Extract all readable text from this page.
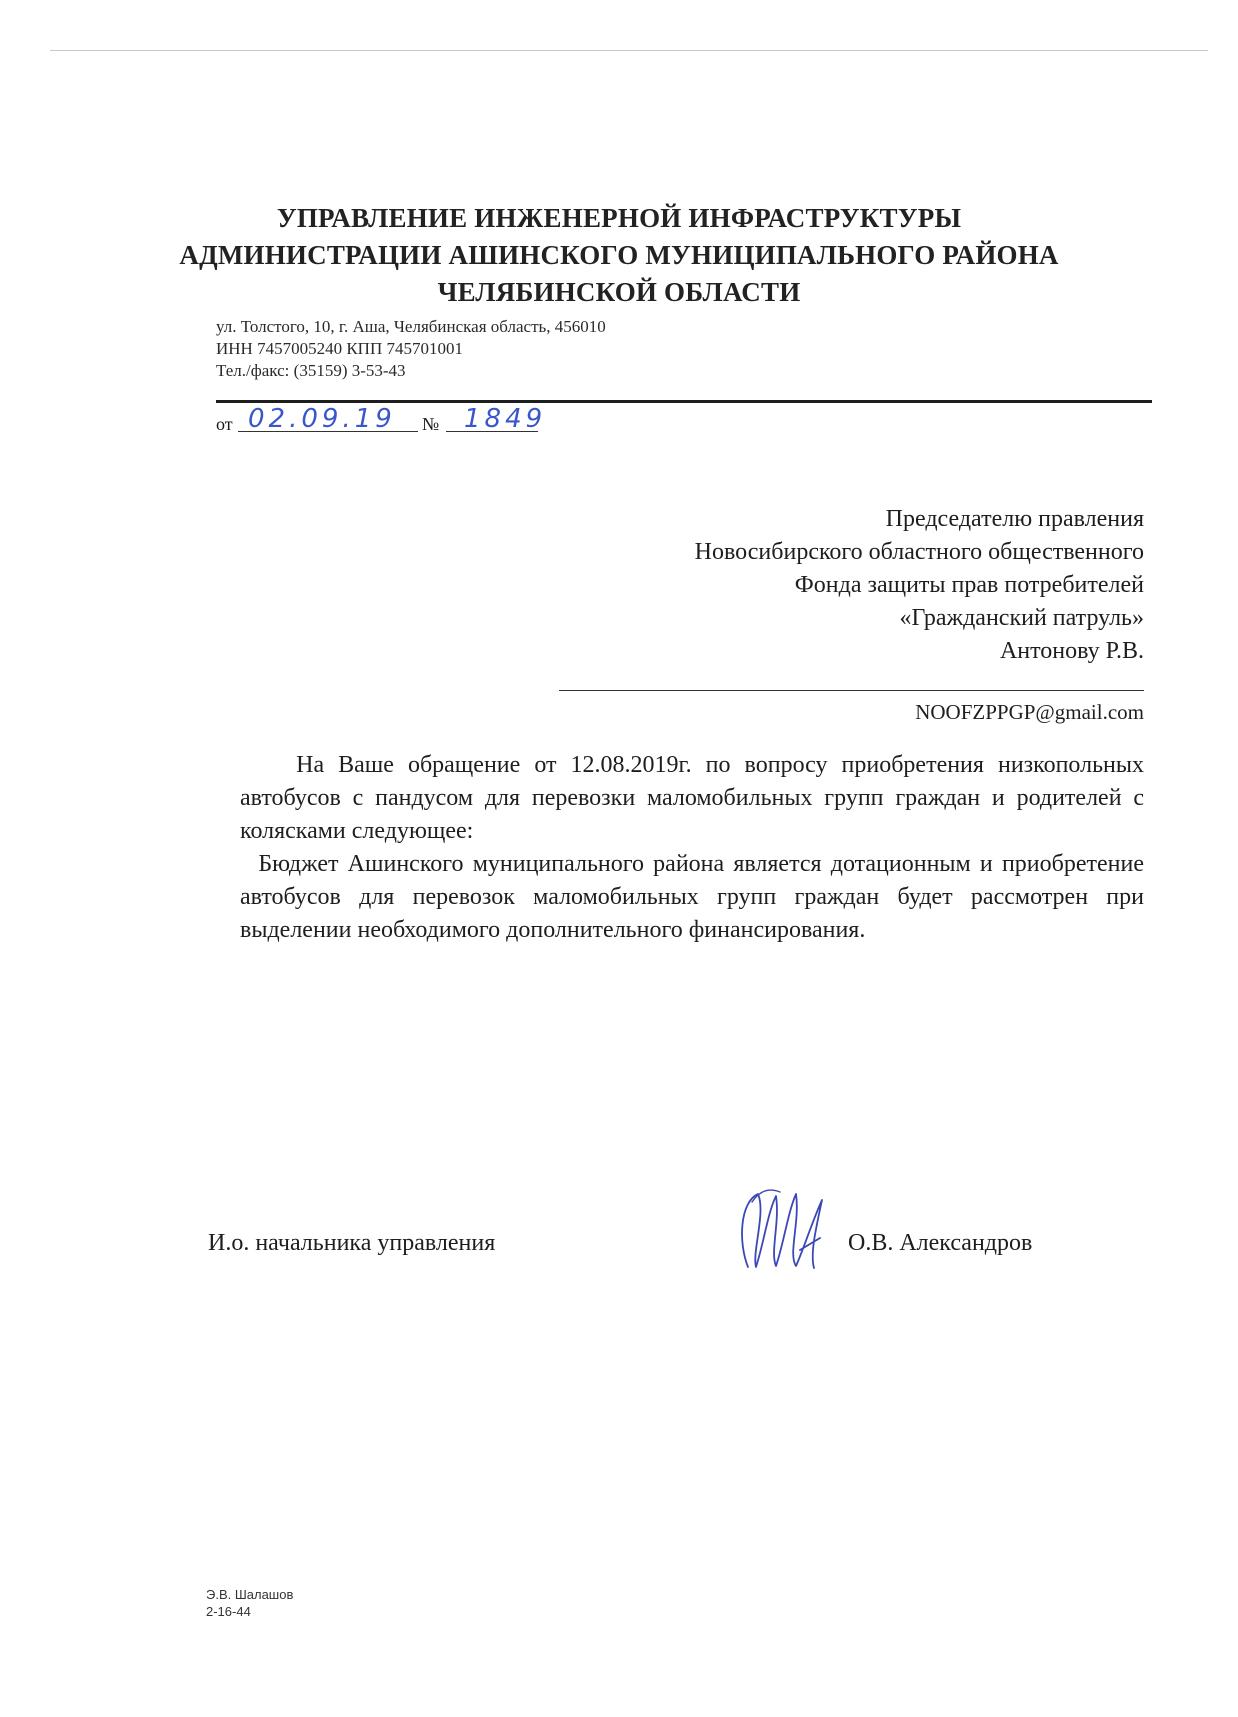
УПРАВЛЕНИЕ ИНЖЕНЕРНОЙ ИНФРАСТРУКТУРЫ
АДМИНИСТРАЦИИ АШИНСКОГО МУНИЦИПАЛЬНОГО РАЙОНА
ЧЕЛЯБИНСКОЙ ОБЛАСТИ
ул. Толстого, 10, г. Аша, Челябинская область, 456010
ИНН 7457005240 КПП 745701001
Тел./факс: (35159) 3-53-43
от 02.09.19	№ 1849
Председателю правления
Новосибирского областного общественного
Фонда защиты прав потребителей
«Гражданский патруль»
Антонову Р.В.
NOOFZPPGP@gmail.com
На Ваше обращение от 12.08.2019г. по вопросу приобретения низкопольных автобусов с пандусом для перевозки маломобильных групп граждан и родителей с колясками следующее:
Бюджет Ашинского муниципального района является дотационным и приобретение автобусов для перевозок маломобильных групп граждан будет рассмотрен при выделении необходимого дополнительного финансирования.
И.о. начальника управления	О.В. Александров
Э.В. Шалашов
2-16-44
